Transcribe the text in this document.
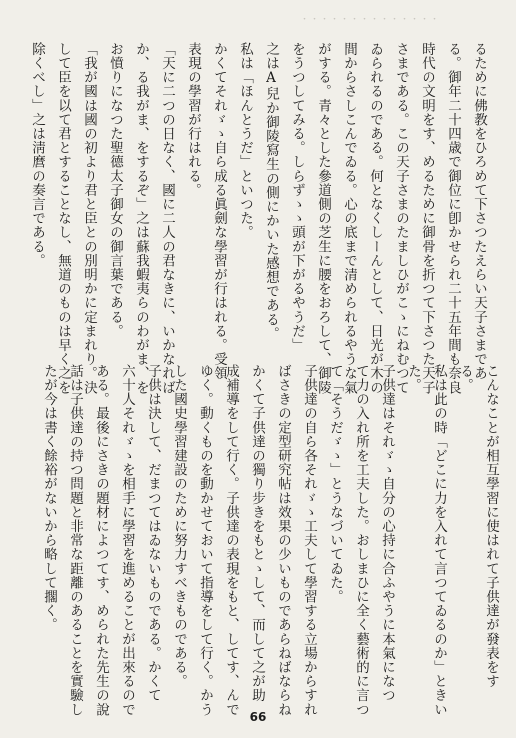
・・・・・・・・・・・・・・
るために佛教をひろめて下さつたえらい天子さまであ
る。御年二十四歳で御位に卽かせられ二十五年間も奈良
時代の文明をす、めるために御骨を折つて下さつた天子
さまである。この天子さまのたましひがこゝにねむつて
ゐられるのである。何となくしーんとして、日光が木の
間からさしこんでゐる。心の底まで清められるやうな氣
がする。青々とした參道側の芝生に腰をおろして、御陵
をうつしてみる。しらずゝゝ頭が下がるやうだ」
之はA兒か御陵寫生の側にかいた感想である。
私は「ほんとうだ」といつた。
かくてそれゞゝ自ら成る眞劍な學習が行はれる。受領
表現の學習が行はれる。
「天に二つの日なく、國に二人の君なきに、いかなれば
か、る我がま、をするぞ」之は蘇我蝦夷らのわがま、を
お憤りになつた聖德太子御女の御言葉である。
「我が國は國の初より君と臣との別明かに定まれり。決
して臣を以て君とすることなし、無道のものは早く之を
除くべし」之は淸麿の奏言である。
こんなことが相互學習に使はれて子供達が發表をす
る。
私は此の時「どこに力を入れて言つてゐるのか」ときい
た。
子供達はそれゞゝ自分の心持に合ふやうに本氣になつ
て力の入れ所を工夫した。おしまひに全く藝術的に言つ
て「そうだゞゝ」とうなづいてゐた。
子供達の自ら各それゞゝ工夫して學習する立場からすれ
ばさきの定型研究帖は效果の少いものであらねばならね
かくて子供達の獨り步きをもとゝして、而して之が助
成補導をして行く。子供達の表現をもと、してす、んで
ゆく。動くものを動かせておいて指導をして行く。かう
した國史學習建設のために努力すべきものである。
子供は決して、だまつてはゐないものである。かくて
六十人それゞゝを相手に學習を進めることが出來るので
ある。最後にさきの題材によつてす、められた先生の說
話は子供達の持つ問題と非常な距離のあることを實驗し
たが今は書く餘裕がないから略して擱く。
66
